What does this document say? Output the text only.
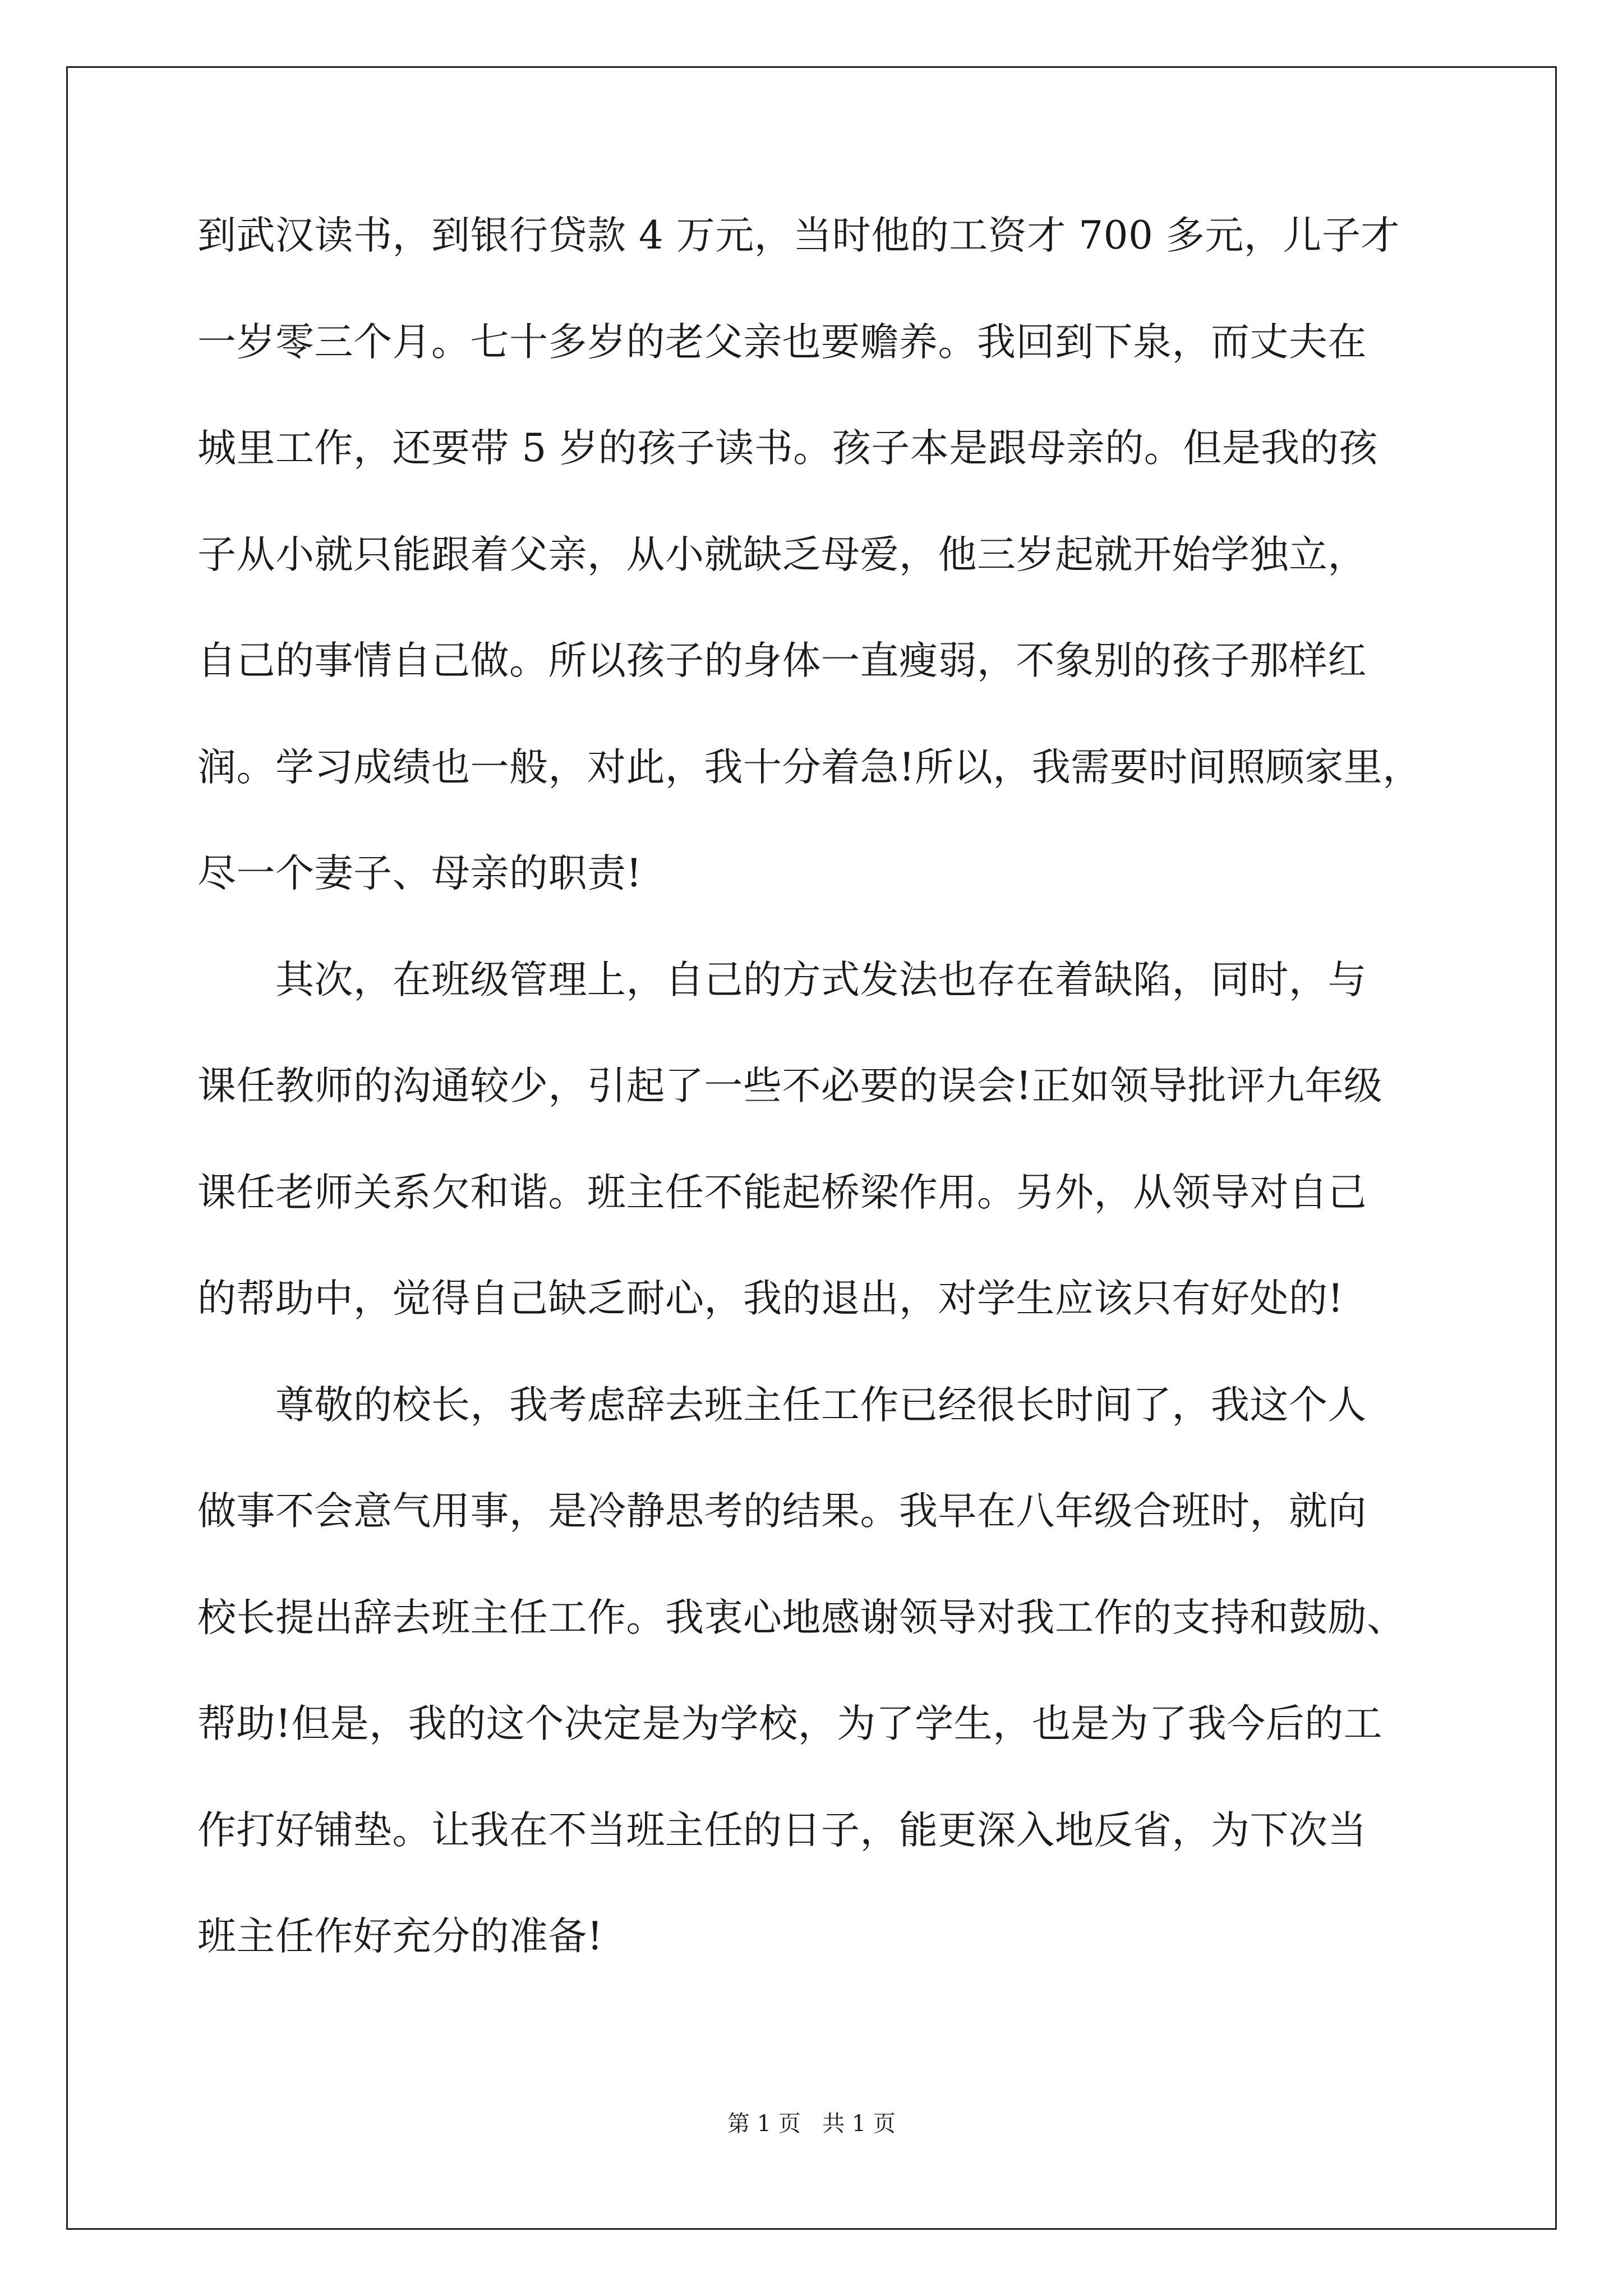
到武汉读书，到银行贷款 4 万元，当时他的工资才 700 多元，儿子才
一岁零三个月。七十多岁的老父亲也要赡养。我回到下泉，而丈夫在
城里工作，还要带 5 岁的孩子读书。孩子本是跟母亲的。但是我的孩
子从小就只能跟着父亲，从小就缺乏母爱，他三岁起就开始学独立，
自己的事情自己做。所以孩子的身体一直瘦弱，不象别的孩子那样红
润。学习成绩也一般，对此，我十分着急!所以，我需要时间照顾家里，
尽一个妻子、母亲的职责!
　　其次，在班级管理上，自己的方式发法也存在着缺陷，同时，与
课任教师的沟通较少，引起了一些不必要的误会!正如领导批评九年级
课任老师关系欠和谐。班主任不能起桥梁作用。另外，从领导对自己
的帮助中，觉得自己缺乏耐心，我的退出，对学生应该只有好处的!
　　尊敬的校长，我考虑辞去班主任工作已经很长时间了，我这个人
做事不会意气用事，是冷静思考的结果。我早在八年级合班时，就向
校长提出辞去班主任工作。我衷心地感谢领导对我工作的支持和鼓励、
帮助!但是，我的这个决定是为学校，为了学生，也是为了我今后的工
作打好铺垫。让我在不当班主任的日子，能更深入地反省，为下次当
班主任作好充分的准备!
第 1 页   共 1 页
